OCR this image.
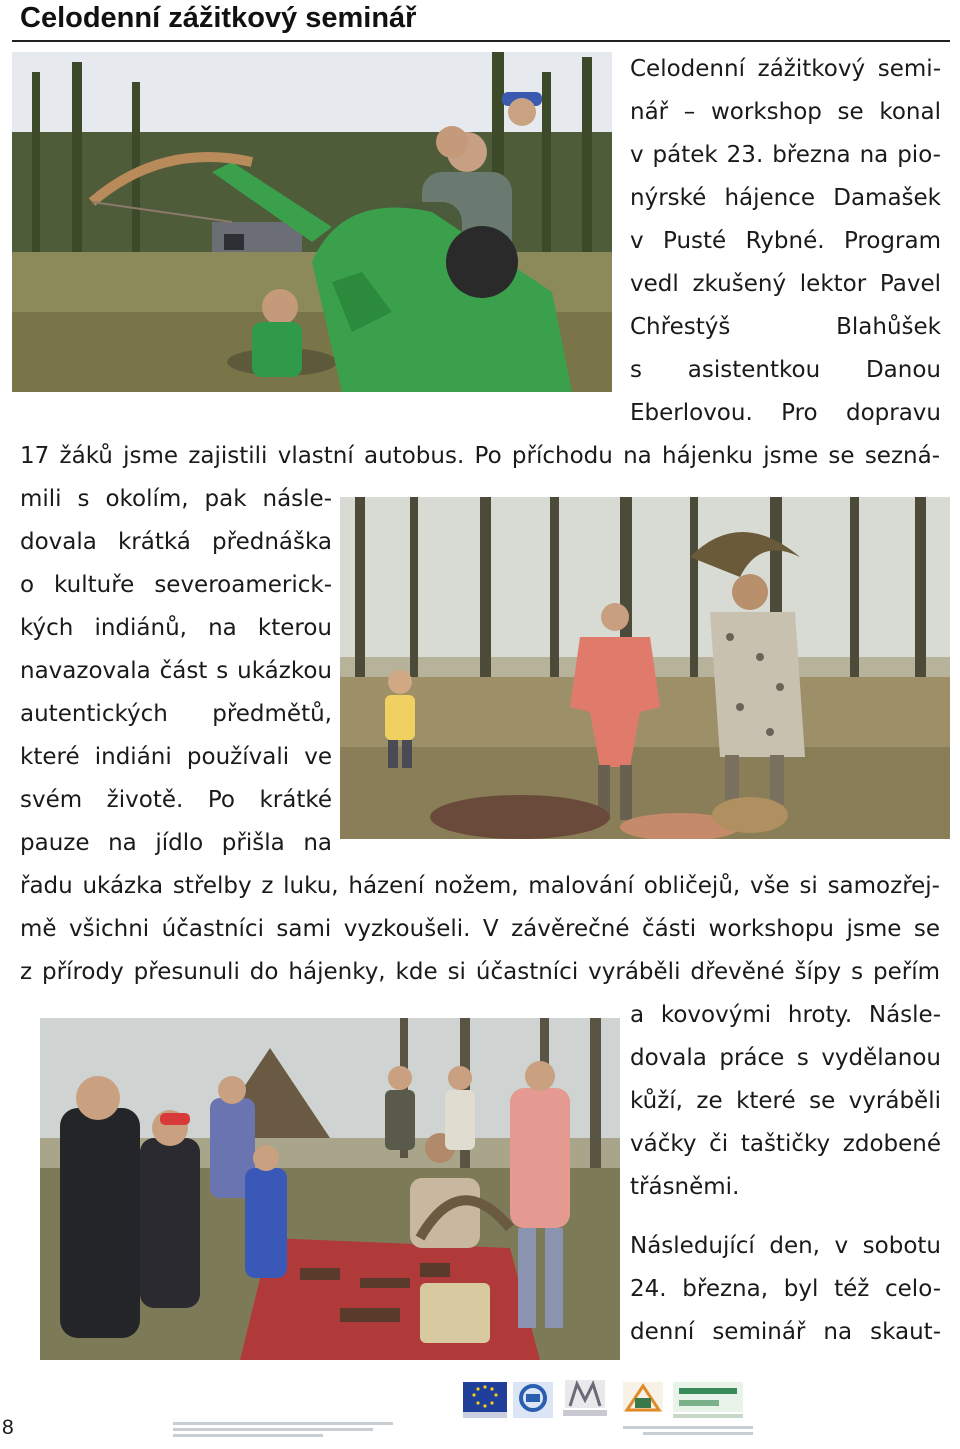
Celodenní zážitkový seminář
Celodenní zážitkový semi-
nář – workshop se konal
v pátek 23. března na pio-
nýrské hájence Damašek
v Pusté Rybné. Program
vedl zkušený lektor Pavel
Chřestýš Blahůšek
s asistentkou Danou
Eberlovou. Pro dopravu
17 žáků jsme zajistili vlastní autobus. Po příchodu na hájenku jsme se sezná-
mili s okolím, pak násle-
dovala krátká přednáška
o kultuře severoamerick-
kých indiánů, na kterou
navazovala část s ukázkou
autentických předmětů,
které indiáni používali ve
svém životě. Po krátké
pauze na jídlo přišla na
řadu ukázka střelby z luku, házení nožem, malování obličejů, vše si samozřej-
mě všichni účastníci sami vyzkoušeli. V závěrečné části workshopu jsme se
z přírody přesunuli do hájenky, kde si účastníci vyráběli dřevěné šípy s peřím
a kovovými hroty. Násle-
dovala práce s vydělanou
kůží, ze které se vyráběli
váčky či taštičky zdobené
třásněmi.
Následující den, v sobotu
24. března, byl též celo-
denní seminář na skaut-
8
